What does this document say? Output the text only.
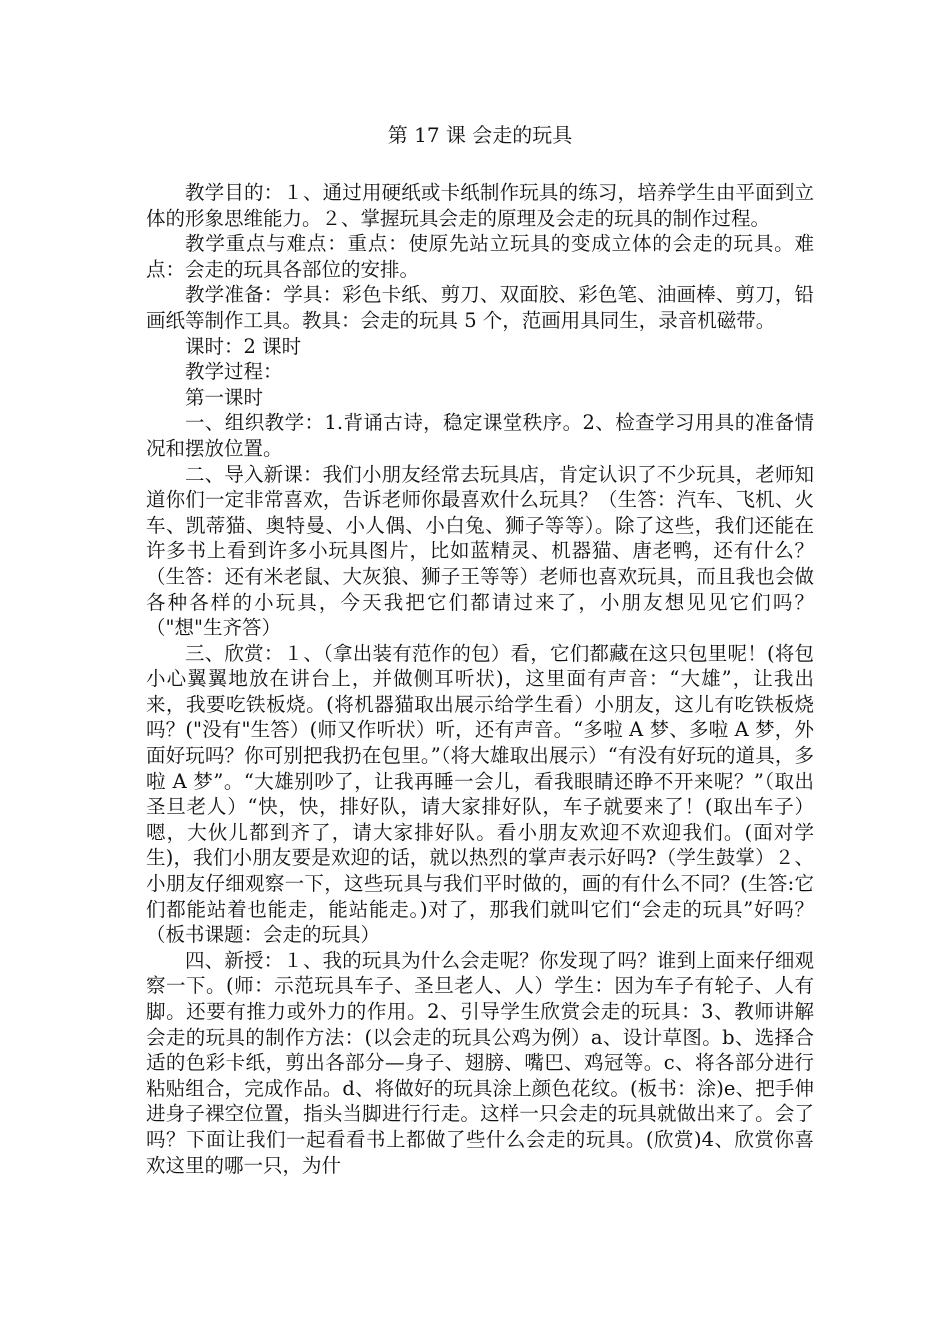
第 17 课 会走的玩具

教学目的：１、通过用硬纸或卡纸制作玩具的练习，培养学生由平面到立体的形象思维能力。２、掌握玩具会走的原理及会走的玩具的制作过程。

教学重点与难点：重点：使原先站立玩具的变成立体的会走的玩具。难点：会走的玩具各部位的安排。

教学准备：学具：彩色卡纸、剪刀、双面胶、彩色笔、油画棒、剪刀，铅画纸等制作工具。教具：会走的玩具 5 个，范画用具同生，录音机磁带。

课时：2 课时

教学过程：

第一课时

一、组织教学：1.背诵古诗，稳定课堂秩序。2、检查学习用具的准备情况和摆放位置。

二、导入新课：我们小朋友经常去玩具店，肯定认识了不少玩具，老师知道你们一定非常喜欢，告诉老师你最喜欢什么玩具？（生答：汽车、飞机、火车、凯蒂猫、奥特曼、小人偶、小白兔、狮子等等）。除了这些，我们还能在许多书上看到许多小玩具图片，比如蓝精灵、机器猫、唐老鸭，还有什么？（生答：还有米老鼠、大灰狼、狮子王等等）老师也喜欢玩具，而且我也会做各种各样的小玩具，今天我把它们都请过来了，小朋友想见见它们吗？（"想"生齐答）

三、欣赏：１、（拿出装有范作的包）看，它们都藏在这只包里呢！(将包小心翼翼地放在讲台上，并做侧耳听状)，这里面有声音：“大雄”，让我出来，我要吃铁板烧。(将机器猫取出展示给学生看）小朋友，这儿有吃铁板烧吗？("没有"生答）(师又作听状）听，还有声音。“多啦 A 梦、多啦 A 梦，外面好玩吗？你可别把我扔在包里。”（将大雄取出展示）“有没有好玩的道具，多啦 A 梦”。“大雄别吵了，让我再睡一会儿，看我眼睛还睁不开来呢？”（取出圣旦老人）“快，快，排好队，请大家排好队，车子就要来了！(取出车子）嗯，大伙儿都到齐了，请大家排好队。看小朋友欢迎不欢迎我们。(面对学生)，我们小朋友要是欢迎的话，就以热烈的掌声表示好吗?（学生鼓掌）２、小朋友仔细观察一下，这些玩具与我们平时做的，画的有什么不同？(生答:它们都能站着也能走，能站能走。)对了，那我们就叫它们“会走的玩具”好吗？（板书课题：会走的玩具）

四、新授：１、我的玩具为什么会走呢？你发现了吗？谁到上面来仔细观察一下。(师：示范玩具车子、圣旦老人、人）学生：因为车子有轮子、人有脚。还要有推力或外力的作用。2、引导学生欣赏会走的玩具：3、教师讲解会走的玩具的制作方法：(以会走的玩具公鸡为例）a、设计草图。b、选择合适的色彩卡纸，剪出各部分—身子、翅膀、嘴巴、鸡冠等。c、将各部分进行粘贴组合，完成作品。d、将做好的玩具涂上颜色花纹。(板书：涂)e、把手伸进身子裸空位置，指头当脚进行行走。这样一只会走的玩具就做出来了。会了吗？下面让我们一起看看书上都做了些什么会走的玩具。(欣赏)4、欣赏你喜欢这里的哪一只，为什
